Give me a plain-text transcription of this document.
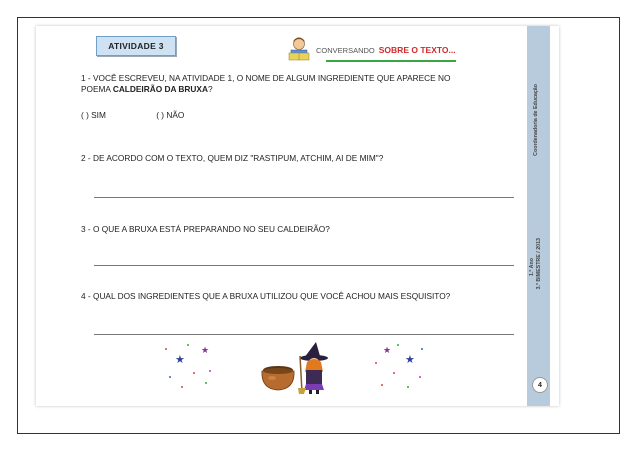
ATIVIDADE 3	CONVERSANDO SOBRE O TEXTO...
1 - VOCÊ ESCREVEU, NA ATIVIDADE 1, O NOME DE ALGUM INGREDIENTE QUE APARECE NO
POEMA CALDEIRÃO DA BRUXA?
( ) SIM	( ) NÃO
2 - DE ACORDO COM O TEXTO, QUEM DIZ "RASTIPUM, ATCHIM, AI DE MIM"?
3 - O QUE A BRUXA ESTÁ PREPARANDO NO SEU CALDEIRÃO?
4 - QUAL DOS INGREDIENTES QUE A BRUXA UTILIZOU QUE VOCÊ ACHOU MAIS ESQUISITO?
★
★
★
★
Coordenadoria de Educação
1.º Ano 3.º BIMESTRE / 2013
4
